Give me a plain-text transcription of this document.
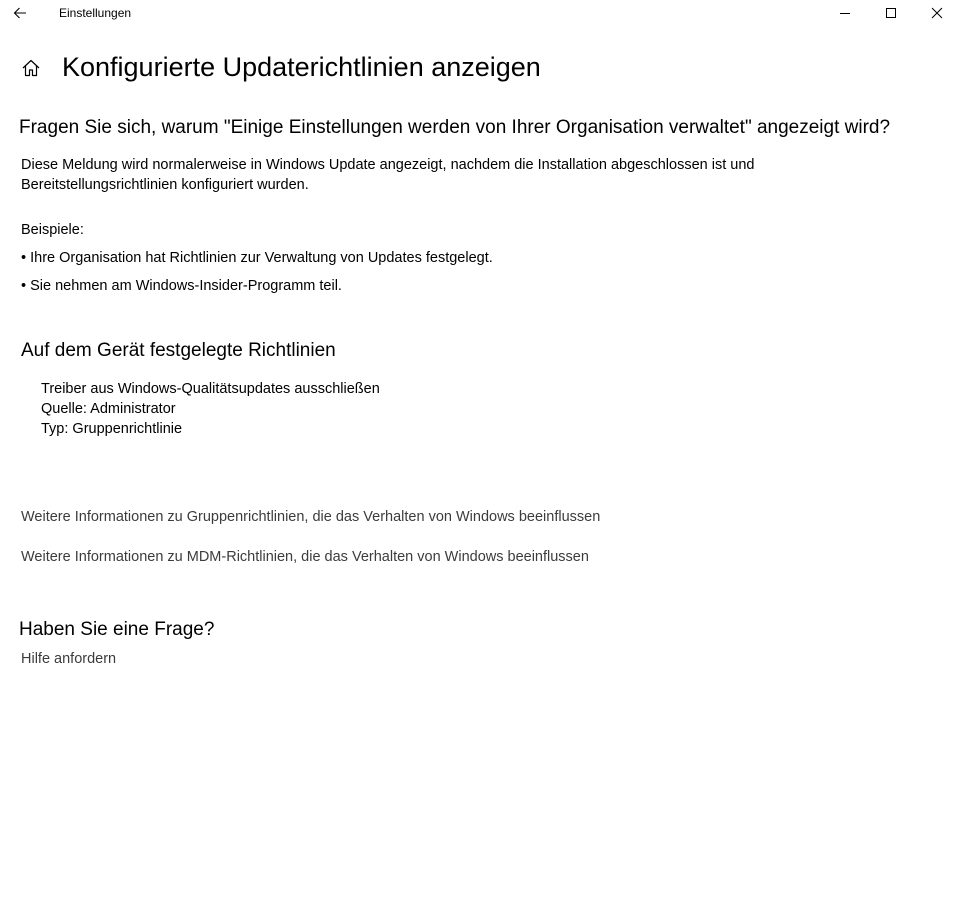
Einstellungen
Konfigurierte Updaterichtlinien anzeigen
Fragen Sie sich, warum "Einige Einstellungen werden von Ihrer Organisation verwaltet" angezeigt wird?
Diese Meldung wird normalerweise in Windows Update angezeigt, nachdem die Installation abgeschlossen ist und Bereitstellungsrichtlinien konfiguriert wurden.
Beispiele:
• Ihre Organisation hat Richtlinien zur Verwaltung von Updates festgelegt.
• Sie nehmen am Windows-Insider-Programm teil.
Auf dem Gerät festgelegte Richtlinien
Treiber aus Windows-Qualitätsupdates ausschließen
Quelle: Administrator
Typ: Gruppenrichtlinie
Weitere Informationen zu Gruppenrichtlinien, die das Verhalten von Windows beeinflussen
Weitere Informationen zu MDM-Richtlinien, die das Verhalten von Windows beeinflussen
Haben Sie eine Frage?
Hilfe anfordern
